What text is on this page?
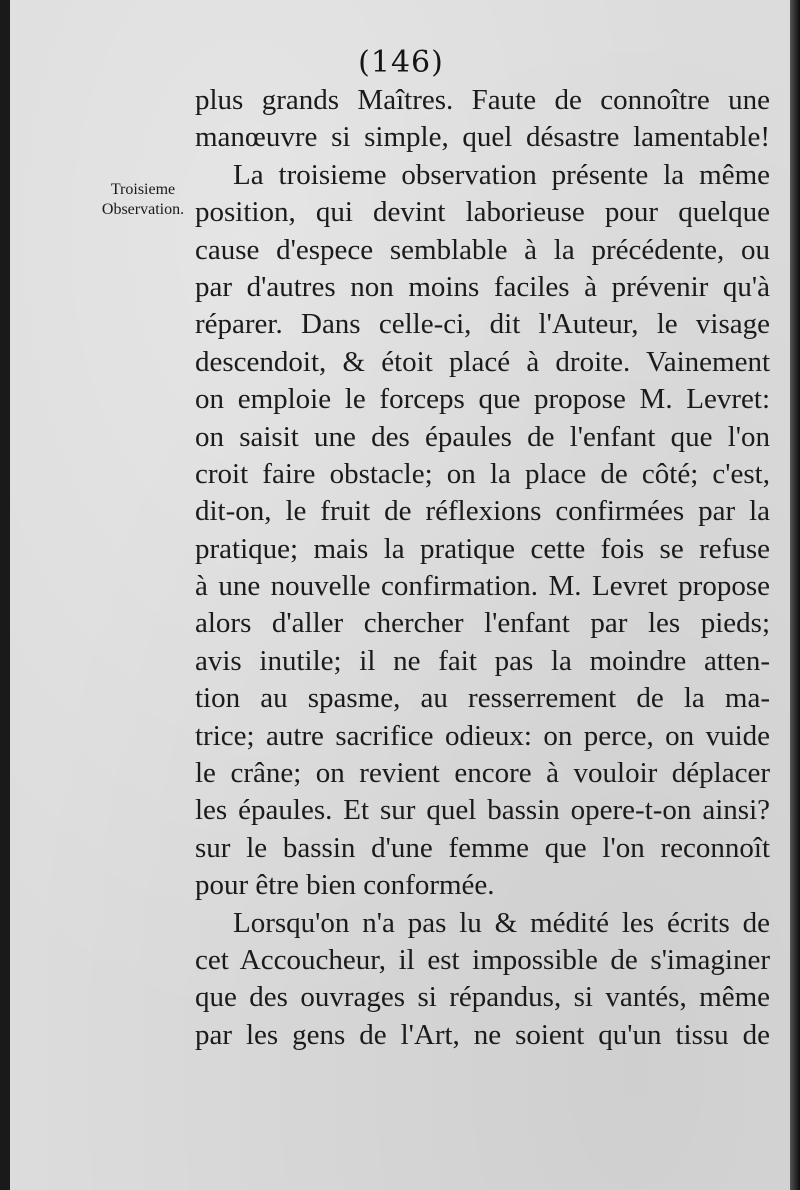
(146)
Troisieme
Observation.
plus grands Maîtres. Faute de connoître une
manœuvre si simple, quel désastre lamentable!
La troisieme observation présente la même
position, qui devint laborieuse pour quelque
cause d'espece semblable à la précédente, ou
par d'autres non moins faciles à prévenir qu'à
réparer. Dans celle-ci, dit l'Auteur, le visage
descendoit, & étoit placé à droite. Vainement
on emploie le forceps que propose M. Levret:
on saisit une des épaules de l'enfant que l'on
croit faire obstacle; on la place de côté; c'est,
dit-on, le fruit de réflexions confirmées par la
pratique; mais la pratique cette fois se refuse
à une nouvelle confirmation. M. Levret propose
alors d'aller chercher l'enfant par les pieds;
avis inutile; il ne fait pas la moindre atten-
tion au spasme, au resserrement de la ma-
trice; autre sacrifice odieux: on perce, on vuide
le crâne; on revient encore à vouloir déplacer
les épaules. Et sur quel bassin opere-t-on ainsi?
sur le bassin d'une femme que l'on reconnoît
pour être bien conformée.
Lorsqu'on n'a pas lu & médité les écrits de
cet Accoucheur, il est impossible de s'imaginer
que des ouvrages si répandus, si vantés, même
par les gens de l'Art, ne soient qu'un tissu de
